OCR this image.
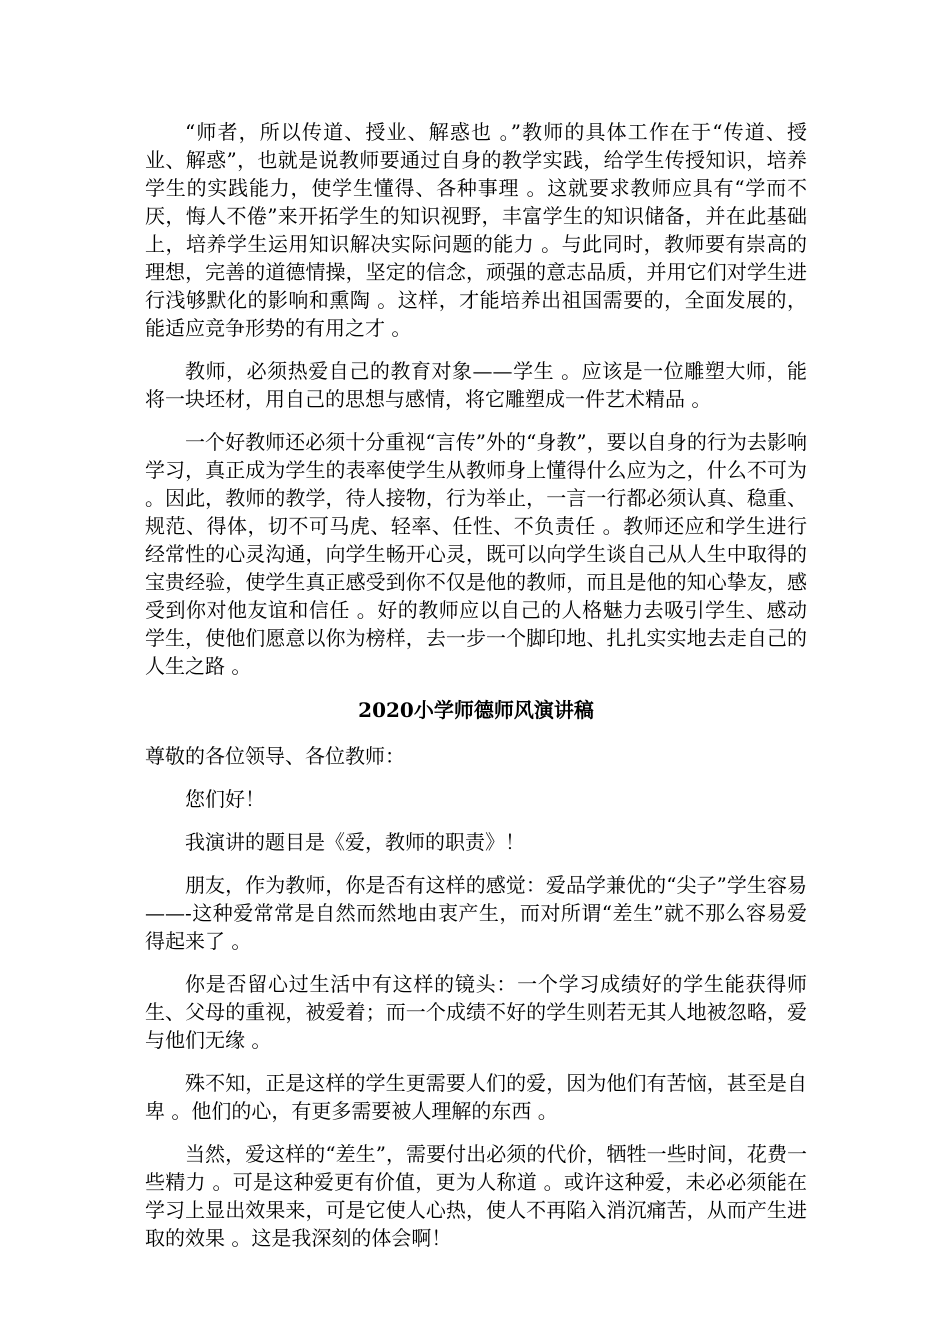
“师者，所以传道、授业、解惑也 。”教师的具体工作在于“传道、授业、解惑”，也就是说教师要通过自身的教学实践，给学生传授知识，培养学生的实践能力，使学生懂得、各种事理 。这就要求教师应具有“学而不厌，悔人不倦”来开拓学生的知识视野，丰富学生的知识储备，并在此基础上，培养学生运用知识解决实际问题的能力 。与此同时，教师要有崇高的理想，完善的道德情操，坚定的信念，顽强的意志品质，并用它们对学生进行浅够默化的影响和熏陶 。这样，才能培养出祖国需要的，全面发展的，能适应竞争形势的有用之才 。

教师，必须热爱自己的教育对象——学生 。应该是一位雕塑大师，能将一块坯材，用自己的思想与感情，将它雕塑成一件艺术精品 。

一个好教师还必须十分重视“言传”外的“身教”，要以自身的行为去影响学习，真正成为学生的表率使学生从教师身上懂得什么应为之，什么不可为 。因此，教师的教学，待人接物，行为举止，一言一行都必须认真、稳重、规范、得体，切不可马虎、轻率、任性、不负责任 。教师还应和学生进行经常性的心灵沟通，向学生畅开心灵，既可以向学生谈自己从人生中取得的宝贵经验，使学生真正感受到你不仅是他的教师，而且是他的知心挚友，感受到你对他友谊和信任 。好的教师应以自己的人格魅力去吸引学生、感动学生，使他们愿意以你为榜样，去一步一个脚印地、扎扎实实地去走自己的人生之路 。

2020小学师德师风演讲稿

尊敬的各位领导、各位教师：

您们好！

我演讲的题目是《爱，教师的职责》！

朋友，作为教师，你是否有这样的感觉：爱品学兼优的“尖子”学生容易——-这种爱常常是自然而然地由衷产生，而对所谓“差生”就不那么容易爱得起来了 。

你是否留心过生活中有这样的镜头：一个学习成绩好的学生能获得师生、父母的重视，被爱着；而一个成绩不好的学生则若无其人地被忽略，爱与他们无缘 。

殊不知，正是这样的学生更需要人们的爱，因为他们有苦恼，甚至是自卑 。他们的心，有更多需要被人理解的东西 。

当然，爱这样的“差生”，需要付出必须的代价，牺牲一些时间，花费一些精力 。可是这种爱更有价值，更为人称道 。或许这种爱，未必必须能在学习上显出效果来，可是它使人心热，使人不再陷入消沉痛苦，从而产生进取的效果 。这是我深刻的体会啊！
